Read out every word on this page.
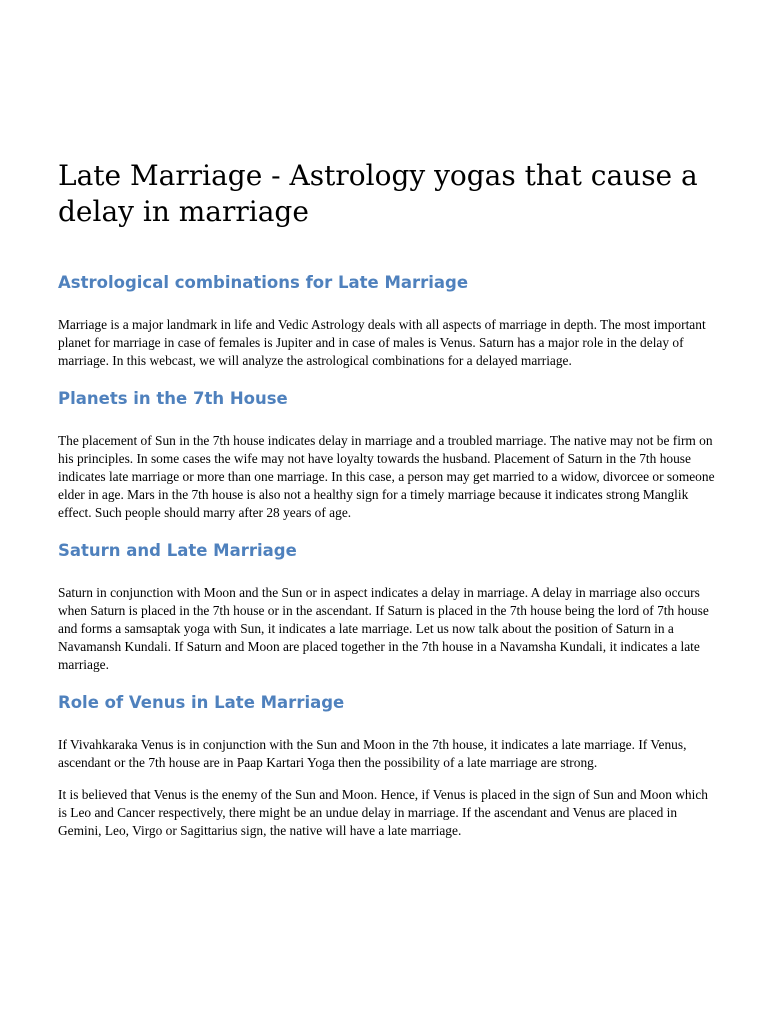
Late Marriage - Astrology yogas that cause a delay in marriage
Astrological combinations for Late Marriage

Marriage is a major landmark in life and Vedic Astrology deals with all aspects of marriage in depth. The most important planet for marriage in case of females is Jupiter and in case of males is Venus. Saturn has a major role in the delay of marriage. In this webcast, we will analyze the astrological combinations for a delayed marriage.

Planets in the 7th House

The placement of Sun in the 7th house indicates delay in marriage and a troubled marriage. The native may not be firm on his principles. In some cases the wife may not have loyalty towards the husband. Placement of Saturn in the 7th house indicates late marriage or more than one marriage. In this case, a person may get married to a widow, divorcee or someone elder in age. Mars in the 7th house is also not a healthy sign for a timely marriage because it indicates strong Manglik effect. Such people should marry after 28 years of age.

Saturn and Late Marriage

Saturn in conjunction with Moon and the Sun or in aspect indicates a delay in marriage. A delay in marriage also occurs when Saturn is placed in the 7th house or in the ascendant. If Saturn is placed in the 7th house being the lord of 7th house and forms a samsaptak yoga with Sun, it indicates a late marriage. Let us now talk about the position of Saturn in a Navamansh Kundali. If Saturn and Moon are placed together in the 7th house in a Navamsha Kundali, it indicates a late marriage.

Role of Venus in Late Marriage

If Vivahkaraka Venus is in conjunction with the Sun and Moon in the 7th house, it indicates a late marriage. If Venus, ascendant or the 7th house are in Paap Kartari Yoga then the possibility of a late marriage are strong.

It is believed that Venus is the enemy of the Sun and Moon. Hence, if Venus is placed in the sign of Sun and Moon which is Leo and Cancer respectively, there might be an undue delay in marriage. If the ascendant and Venus are placed in Gemini, Leo, Virgo or Sagittarius sign, the native will have a late marriage.
